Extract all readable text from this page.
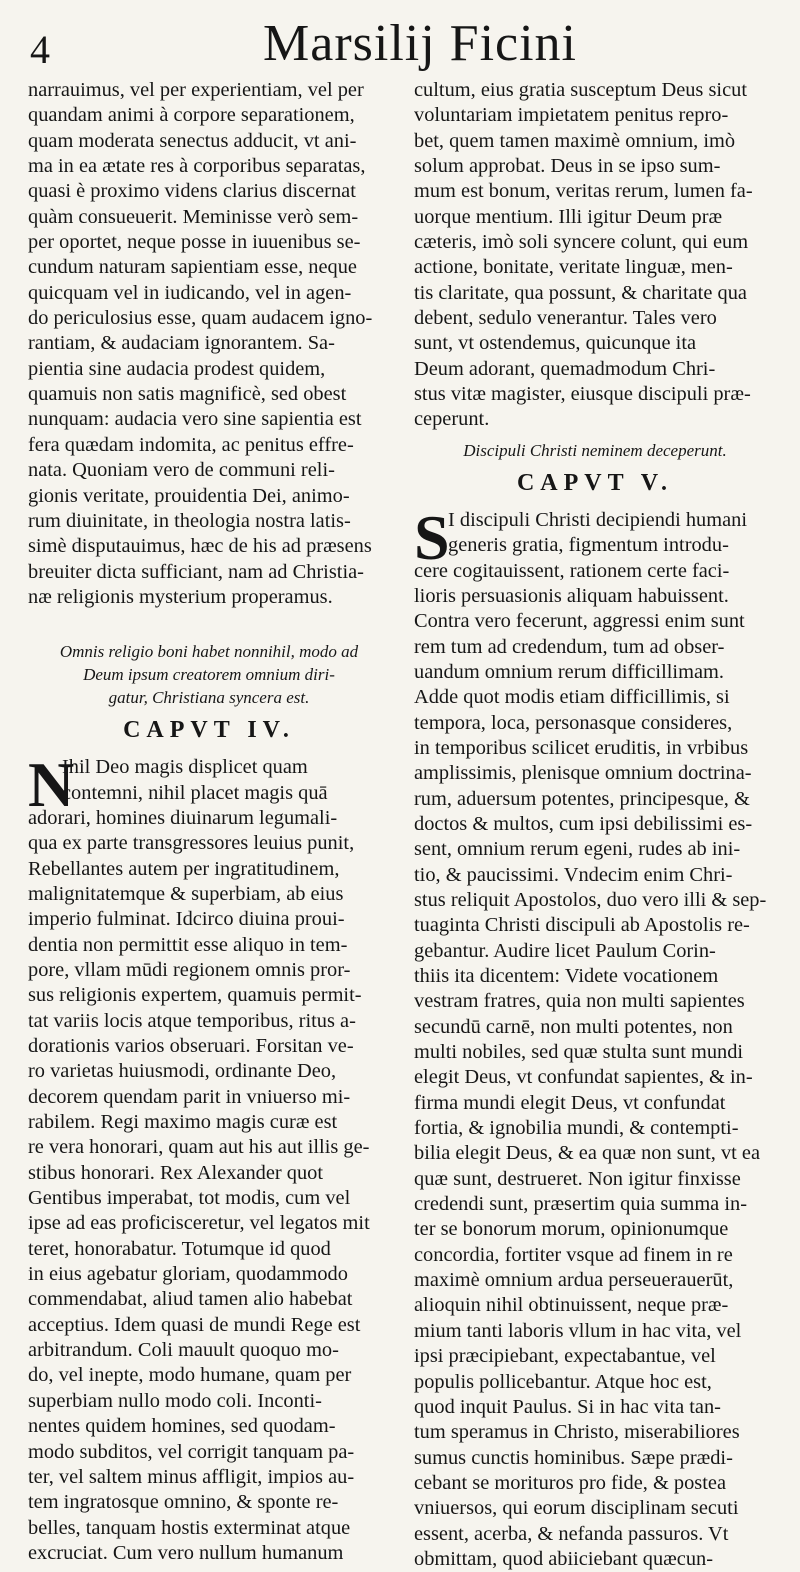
4	Marsilij Ficini
narrauimus, vel per experientiam, vel per
quandam animi à corpore separationem,
quam moderata senectus adducit, vt ani-
ma in ea ætate res à corporibus separatas,
quasi è proximo videns clarius discernat
quàm consueuerit. Meminisse verò sem-
per oportet, neque posse in iuuenibus se-
cundum naturam sapientiam esse, neque
quicquam vel in iudicando, vel in agen-
do periculosius esse, quam audacem igno-
rantiam, & audaciam ignorantem. Sa-
pientia sine audacia prodest quidem,
quamuis non satis magnificè, sed obest
nunquam: audacia vero sine sapientia est
fera quædam indomita, ac penitus effre-
nata. Quoniam vero de communi reli-
gionis veritate, prouidentia Dei, animo-
rum diuinitate, in theologia nostra latis-
simè disputauimus, hæc de his ad præsens
breuiter dicta sufficiant, nam ad Christia-
næ religionis mysterium properamus.
Omnis religio boni habet nonnihil, modo ad
Deum ipsum creatorem omnium diri-
gatur, Christiana syncera est.
CAPVT IV.
N
Ihil Deo magis displicet quam
contemni, nihil placet magis quā
adorari, homines diuinarum legumali-
qua ex parte transgressores leuius punit,
Rebellantes autem per ingratitudinem,
malignitatemque & superbiam, ab eius
imperio fulminat. Idcirco diuina proui-
dentia non permittit esse aliquo in tem-
pore, vllam mūdi regionem omnis pror-
sus religionis expertem, quamuis permit-
tat variis locis atque temporibus, ritus a-
dorationis varios obseruari. Forsitan ve-
ro varietas huiusmodi, ordinante Deo,
decorem quendam parit in vniuerso mi-
rabilem. Regi maximo magis curæ est
re vera honorari, quam aut his aut illis ge-
stibus honorari. Rex Alexander quot
Gentibus imperabat, tot modis, cum vel
ipse ad eas proficisceretur, vel legatos mit
teret, honorabatur. Totumque id quod
in eius agebatur gloriam, quodammodo
commendabat, aliud tamen alio habebat
acceptius. Idem quasi de mundi Rege est
arbitrandum. Coli mauult quoquo mo-
do, vel inepte, modo humane, quam per
superbiam nullo modo coli. Inconti-
nentes quidem homines, sed quodam-
modo subditos, vel corrigit tanquam pa-
ter, vel saltem minus affligit, impios au-
tem ingratosque omnino, & sponte re-
belles, tanquam hostis exterminat atque
excruciat. Cum vero nullum humanum
cultum, eius gratia susceptum Deus sicut
voluntariam impietatem penitus repro-
bet, quem tamen maximè omnium, imò
solum approbat. Deus in se ipso sum-
mum est bonum, veritas rerum, lumen fa-
uorque mentium. Illi igitur Deum præ
cæteris, imò soli syncere colunt, qui eum
actione, bonitate, veritate linguæ, men-
tis claritate, qua possunt, & charitate qua
debent, sedulo venerantur. Tales vero
sunt, vt ostendemus, quicunque ita
Deum adorant, quemadmodum Chri-
stus vitæ magister, eiusque discipuli præ-
ceperunt.
Discipuli Christi neminem deceperunt.
CAPVT V.
S
I discipuli Christi decipiendi humani
generis gratia, figmentum introdu-
cere cogitauissent, rationem certe faci-
lioris persuasionis aliquam habuissent.
Contra vero fecerunt, aggressi enim sunt
rem tum ad credendum, tum ad obser-
uandum omnium rerum difficillimam.
Adde quot modis etiam difficillimis, si
tempora, loca, personasque consideres,
in temporibus scilicet eruditis, in vrbibus
amplissimis, plenisque omnium doctrina-
rum, aduersum potentes, principesque, &
doctos & multos, cum ipsi debilissimi es-
sent, omnium rerum egeni, rudes ab ini-
tio, & paucissimi. Vndecim enim Chri-
stus reliquit Apostolos, duo vero illi & sep-
tuaginta Christi discipuli ab Apostolis re-
gebantur. Audire licet Paulum Corin-
thiis ita dicentem: Videte vocationem
vestram fratres, quia non multi sapientes
secundū carnē, non multi potentes, non
multi nobiles, sed quæ stulta sunt mundi
elegit Deus, vt confundat sapientes, & in-
firma mundi elegit Deus, vt confundat
fortia, & ignobilia mundi, & contempti-
bilia elegit Deus, & ea quæ non sunt, vt ea
quæ sunt, destrueret. Non igitur finxisse
credendi sunt, præsertim quia summa in-
ter se bonorum morum, opinionumque
concordia, fortiter vsque ad finem in re
maximè omnium ardua perseuerauerūt,
alioquin nihil obtinuissent, neque præ-
mium tanti laboris vllum in hac vita, vel
ipsi præcipiebant, expectabantue, vel
populis pollicebantur. Atque hoc est,
quod inquit Paulus. Si in hac vita tan-
tum speramus in Christo, miserabiliores
sumus cunctis hominibus. Sæpe prædi-
cebant se morituros pro fide, & postea
vniuersos, qui eorum disciplinam secuti
essent, acerba, & nefanda passuros. Vt
obmittam, quod abiiciebant quæcun-
